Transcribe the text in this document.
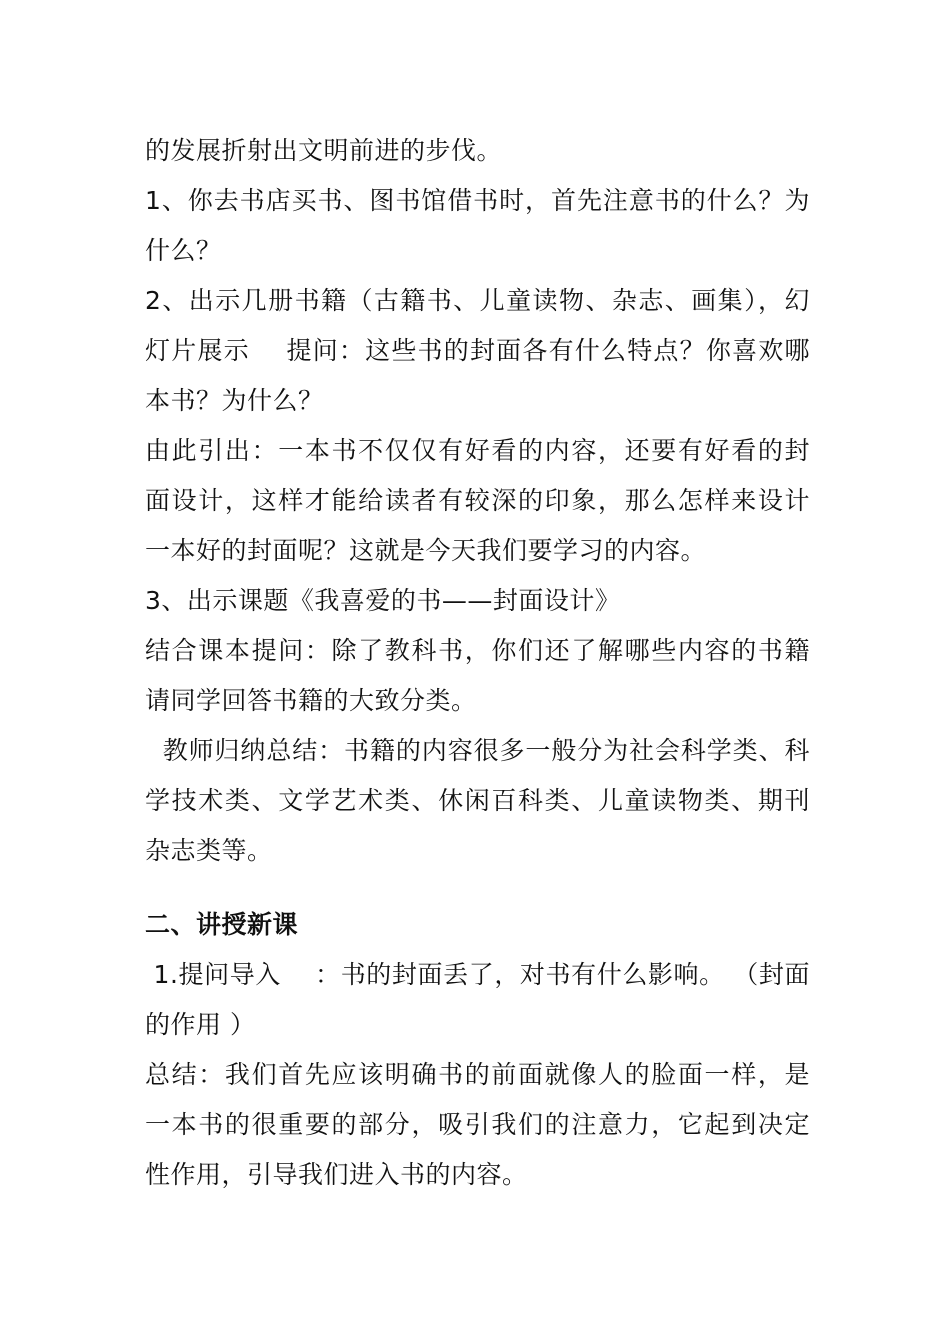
的发展折射出文明前进的步伐。
1、你去书店买书、图书馆借书时，首先注意书的什么？为
什么？
2、出示几册书籍（古籍书、儿童读物、杂志、画集），幻
灯片展示    提问：这些书的封面各有什么特点？你喜欢哪
本书？为什么？
由此引出：一本书不仅仅有好看的内容，还要有好看的封
面设计，这样才能给读者有较深的印象，那么怎样来设计
一本好的封面呢？这就是今天我们要学习的内容。
3、出示课题《我喜爱的书——封面设计》
结合课本提问：除了教科书，你们还了解哪些内容的书籍
请同学回答书籍的大致分类。
教师归纳总结：书籍的内容很多一般分为社会科学类、科
学技术类、文学艺术类、休闲百科类、儿童读物类、期刊
杂志类等。
二、讲授新课
1.提问导入    ：书的封面丢了，对书有什么影响。 （封面
的作用 ）
总结：我们首先应该明确书的前面就像人的脸面一样，是
一本书的很重要的部分，吸引我们的注意力，它起到决定
性作用，引导我们进入书的内容。
